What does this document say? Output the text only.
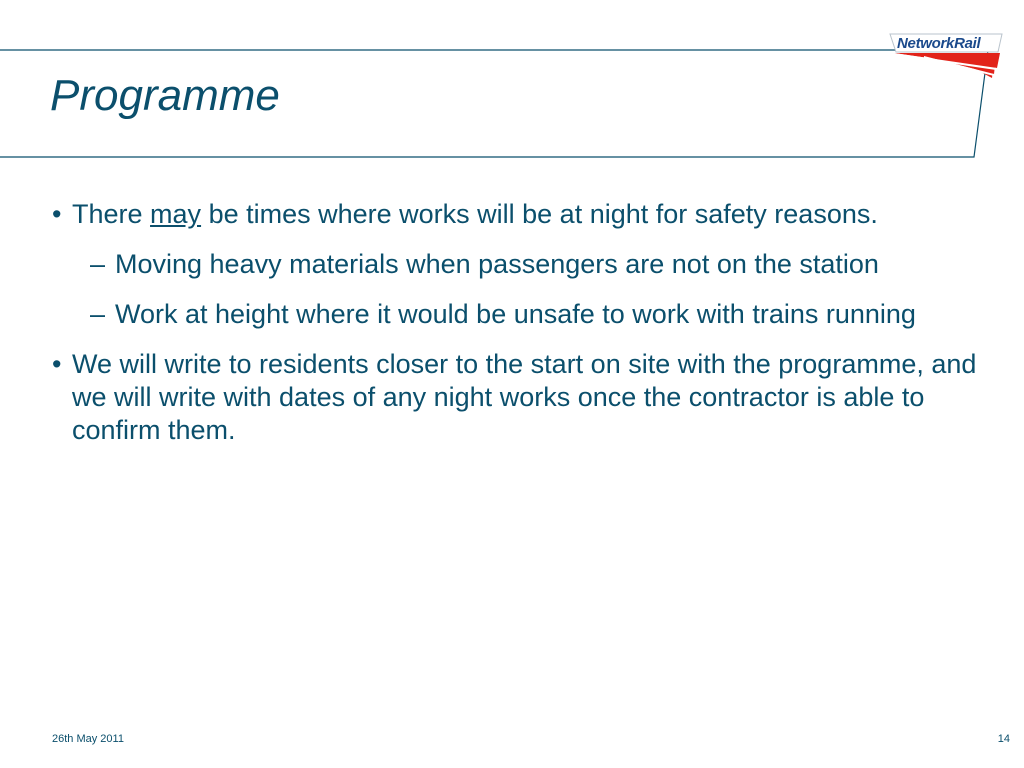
Programme
NetworkRail
• There may be times where works will be at night for safety reasons.
– Moving heavy materials when passengers are not on the station
– Work at height where it would be unsafe to work with trains running
• We will write to residents closer to the start on site with the programme, and we will write with dates of any night works once the contractor is able to confirm them.
26th May 2011	14
